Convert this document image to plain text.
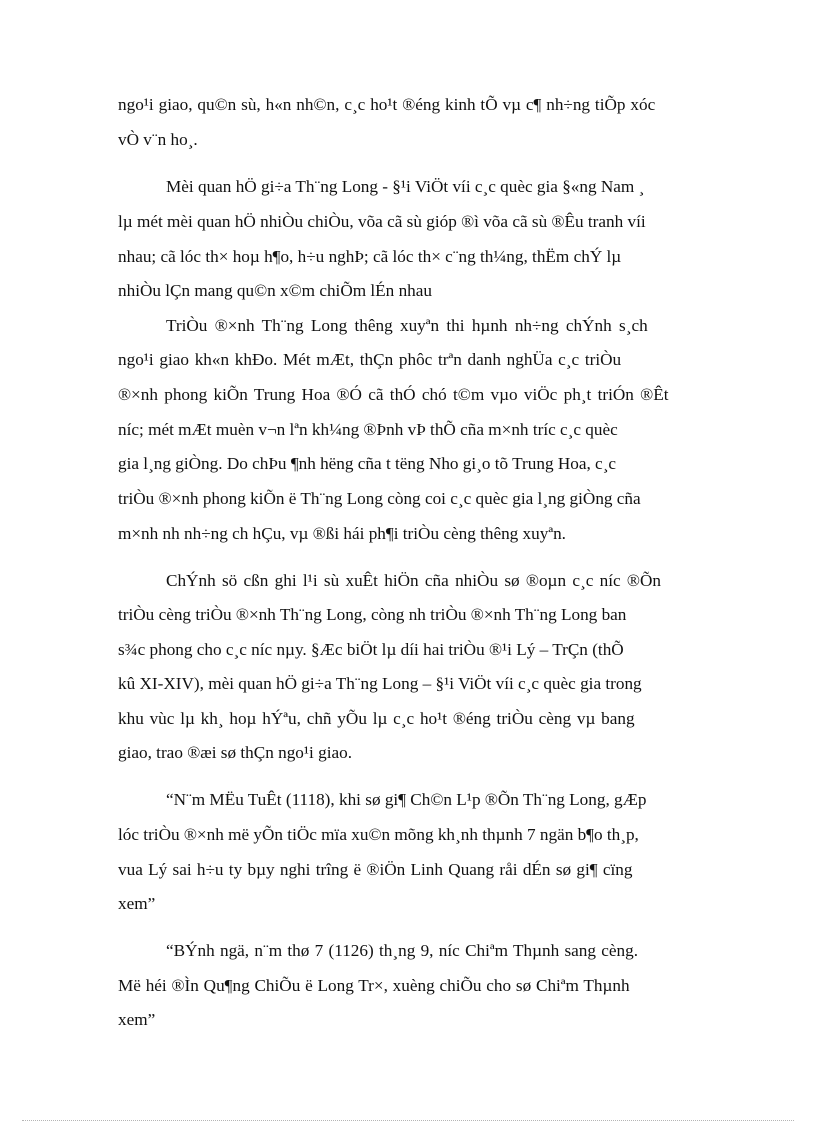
ngo¹i giao, qu©n sù, h«n nh©n, c¸c ho¹t ®éng kinh tÕ vµ c¶ nh÷ng tiÕp xóc
vÒ v¨n ho¸.
Mèi quan hÖ gi÷a Th¨ng Long - §¹i ViÖt víi c¸c quèc gia §«ng Nam ¸
lµ mét mèi quan hÖ nhiÒu chiÒu, võa cã sù gióp ®ì võa cã sù ®Êu tranh víi
nhau; cã lóc th× hoµ h¶o, h÷u nghÞ; cã lóc th× c¨ng th¼ng, thËm chÝ lµ
nhiÒu lÇn mang qu©n x©m chiÕm lÉn nhau
TriÒu ®×nh Th¨ng Long thêng xuyªn thi hµnh nh÷ng chÝnh s¸ch
ngo¹i giao kh«n khÐo. Mét mÆt, thÇn phôc trªn danh nghÜa c¸c triÒu
®×nh phong kiÕn Trung Hoa ®Ó cã thÓ chó t©m vµo viÖc ph¸t triÓn ®Êt
níc; mét mÆt muèn v¬n lªn kh¼ng ®Þnh vÞ thÕ cña m×nh tríc c¸c quèc
gia l¸ng giÒng. Do chÞu ¶nh hëng cña t tëng Nho gi¸o tõ Trung Hoa, c¸c
triÒu ®×nh phong kiÕn ë Th¨ng Long còng coi c¸c quèc gia l¸ng giÒng cña
m×nh nh nh÷ng ch hÇu, vµ ®ßi hái ph¶i triÒu cèng thêng xuyªn.
ChÝnh sö cßn ghi l¹i sù xuÊt hiÖn cña nhiÒu sø ®oµn c¸c níc ®Õn
triÒu cèng triÒu ®×nh Th¨ng Long, còng nh triÒu ®×nh Th¨ng Long ban
s¾c phong cho c¸c níc nµy. §Æc biÖt lµ díi hai triÒu ®¹i Lý – TrÇn (thÕ
kû XI-XIV), mèi quan hÖ gi÷a Th¨ng Long – §¹i ViÖt víi c¸c quèc gia trong
khu vùc lµ kh¸ hoµ hÝªu, chñ yÕu lµ c¸c ho¹t ®éng triÒu cèng vµ bang
giao, trao ®æi sø thÇn ngo¹i giao.
“N¨m MËu TuÊt (1118), khi sø gi¶ Ch©n L¹p ®Õn Th¨ng Long, gÆp
lóc triÒu ®×nh më yÕn tiÖc mïa xu©n mõng kh¸nh thµnh 7 ngän b¶o th¸p,
vua Lý sai h÷u ty bµy nghi trîng ë ®iÖn Linh Quang råi dÉn sø gi¶ cïng
xem”
“BÝnh ngä, n¨m thø 7 (1126) th¸ng 9, níc Chiªm Thµnh sang cèng.
Më héi ®Ìn Qu¶ng ChiÕu ë Long Tr×, xuèng chiÕu cho sø Chiªm Thµnh
xem”
